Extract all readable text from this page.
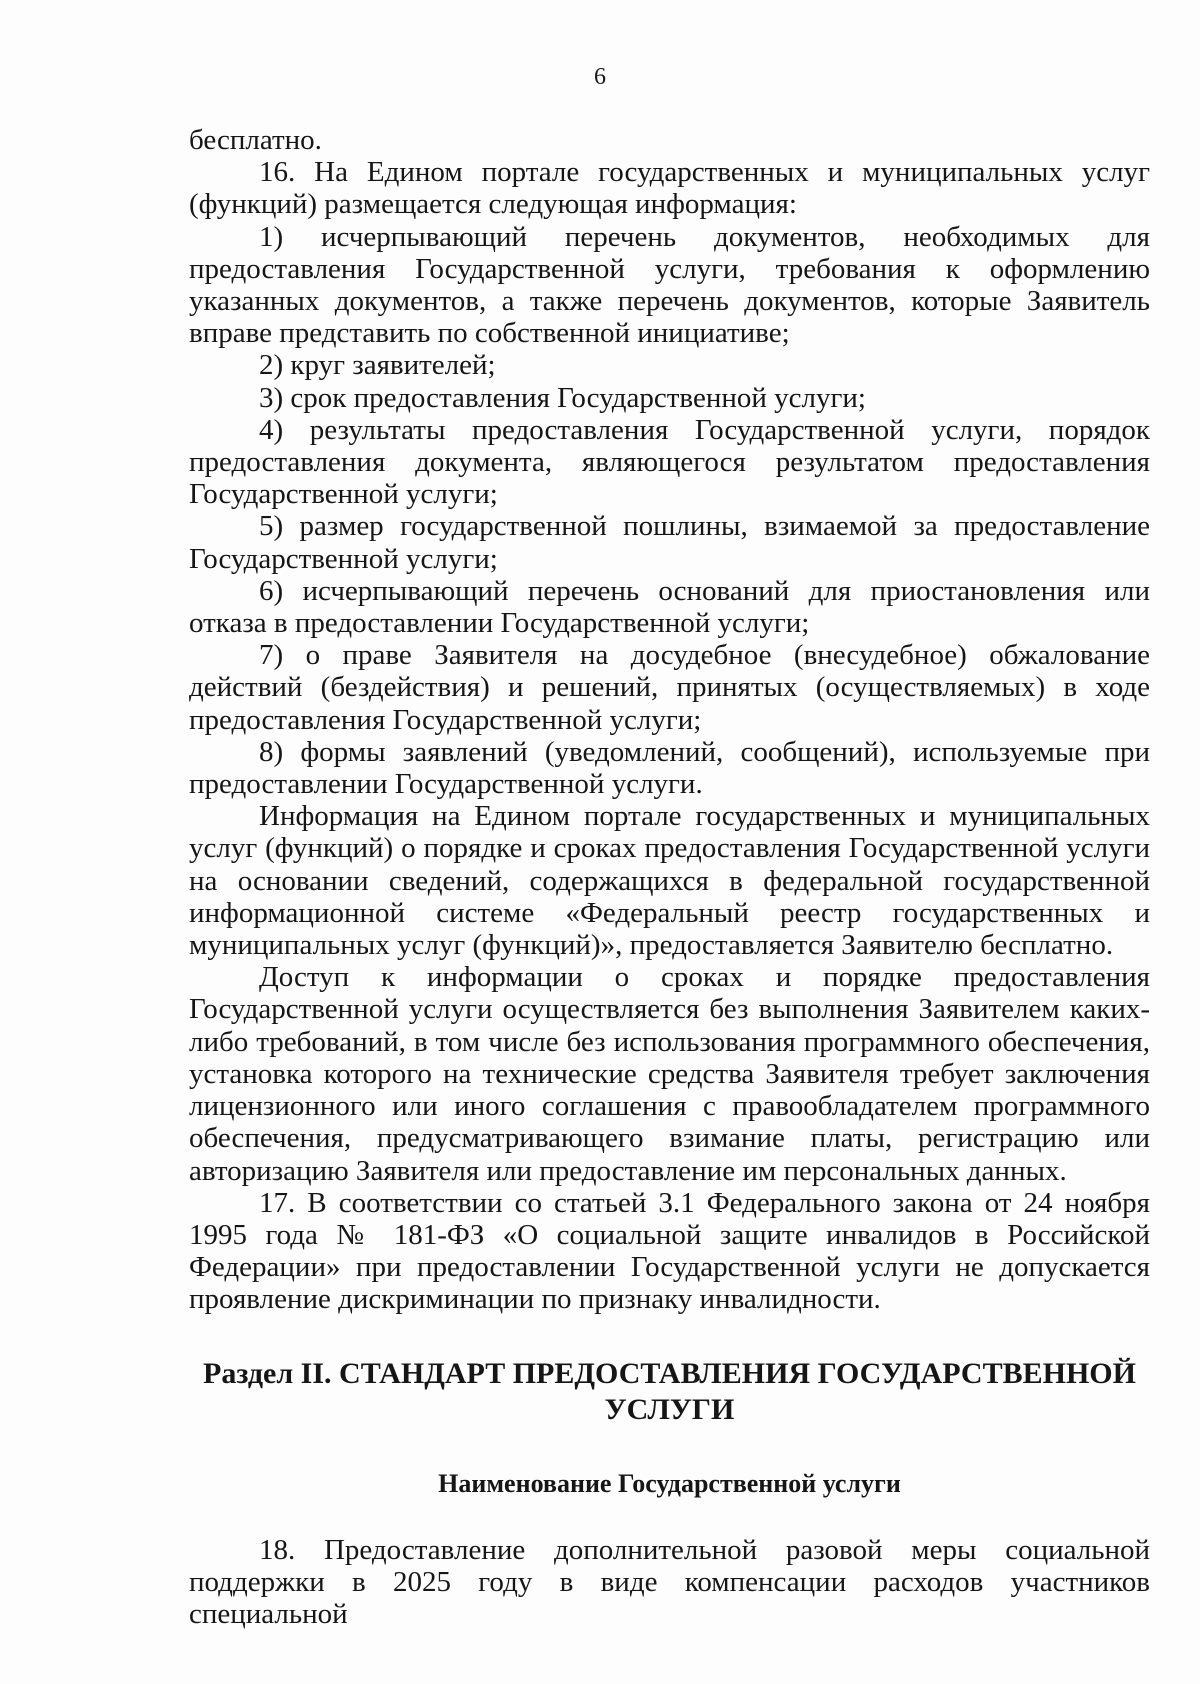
6

бесплатно.

16. На Едином портале государственных и муниципальных услуг (функций) размещается следующая информация:

1) исчерпывающий перечень документов, необходимых для предоставления Государственной услуги, требования к оформлению указанных документов, а также перечень документов, которые Заявитель вправе представить по собственной инициативе;

2) круг заявителей;

3) срок предоставления Государственной услуги;

4) результаты предоставления Государственной услуги, порядок предоставления документа, являющегося результатом предоставления Государственной услуги;

5) размер государственной пошлины, взимаемой за предоставление Государственной услуги;

6) исчерпывающий перечень оснований для приостановления или отказа в предоставлении Государственной услуги;

7) о праве Заявителя на досудебное (внесудебное) обжалование действий (бездействия) и решений, принятых (осуществляемых) в ходе предоставления Государственной услуги;

8) формы заявлений (уведомлений, сообщений), используемые при предоставлении Государственной услуги.

Информация на Едином портале государственных и муниципальных услуг (функций) о порядке и сроках предоставления Государственной услуги на основании сведений, содержащихся в федеральной государственной информационной системе «Федеральный реестр государственных и муниципальных услуг (функций)», предоставляется Заявителю бесплатно.

Доступ к информации о сроках и порядке предоставления Государственной услуги осуществляется без выполнения Заявителем каких-либо требований, в том числе без использования программного обеспечения, установка которого на технические средства Заявителя требует заключения лицензионного или иного соглашения с правообладателем программного обеспечения, предусматривающего взимание платы, регистрацию или авторизацию Заявителя или предоставление им персональных данных.

17. В соответствии со статьей 3.1 Федерального закона от 24 ноября 1995 года № 181-ФЗ «О социальной защите инвалидов в Российской Федерации» при предоставлении Государственной услуги не допускается проявление дискриминации по признаку инвалидности.

Раздел II. СТАНДАРТ ПРЕДОСТАВЛЕНИЯ ГОСУДАРСТВЕННОЙ
УСЛУГИ
Наименование Государственной услуги

18. Предоставление дополнительной разовой меры социальной поддержки в 2025 году в виде компенсации расходов участников специальной
